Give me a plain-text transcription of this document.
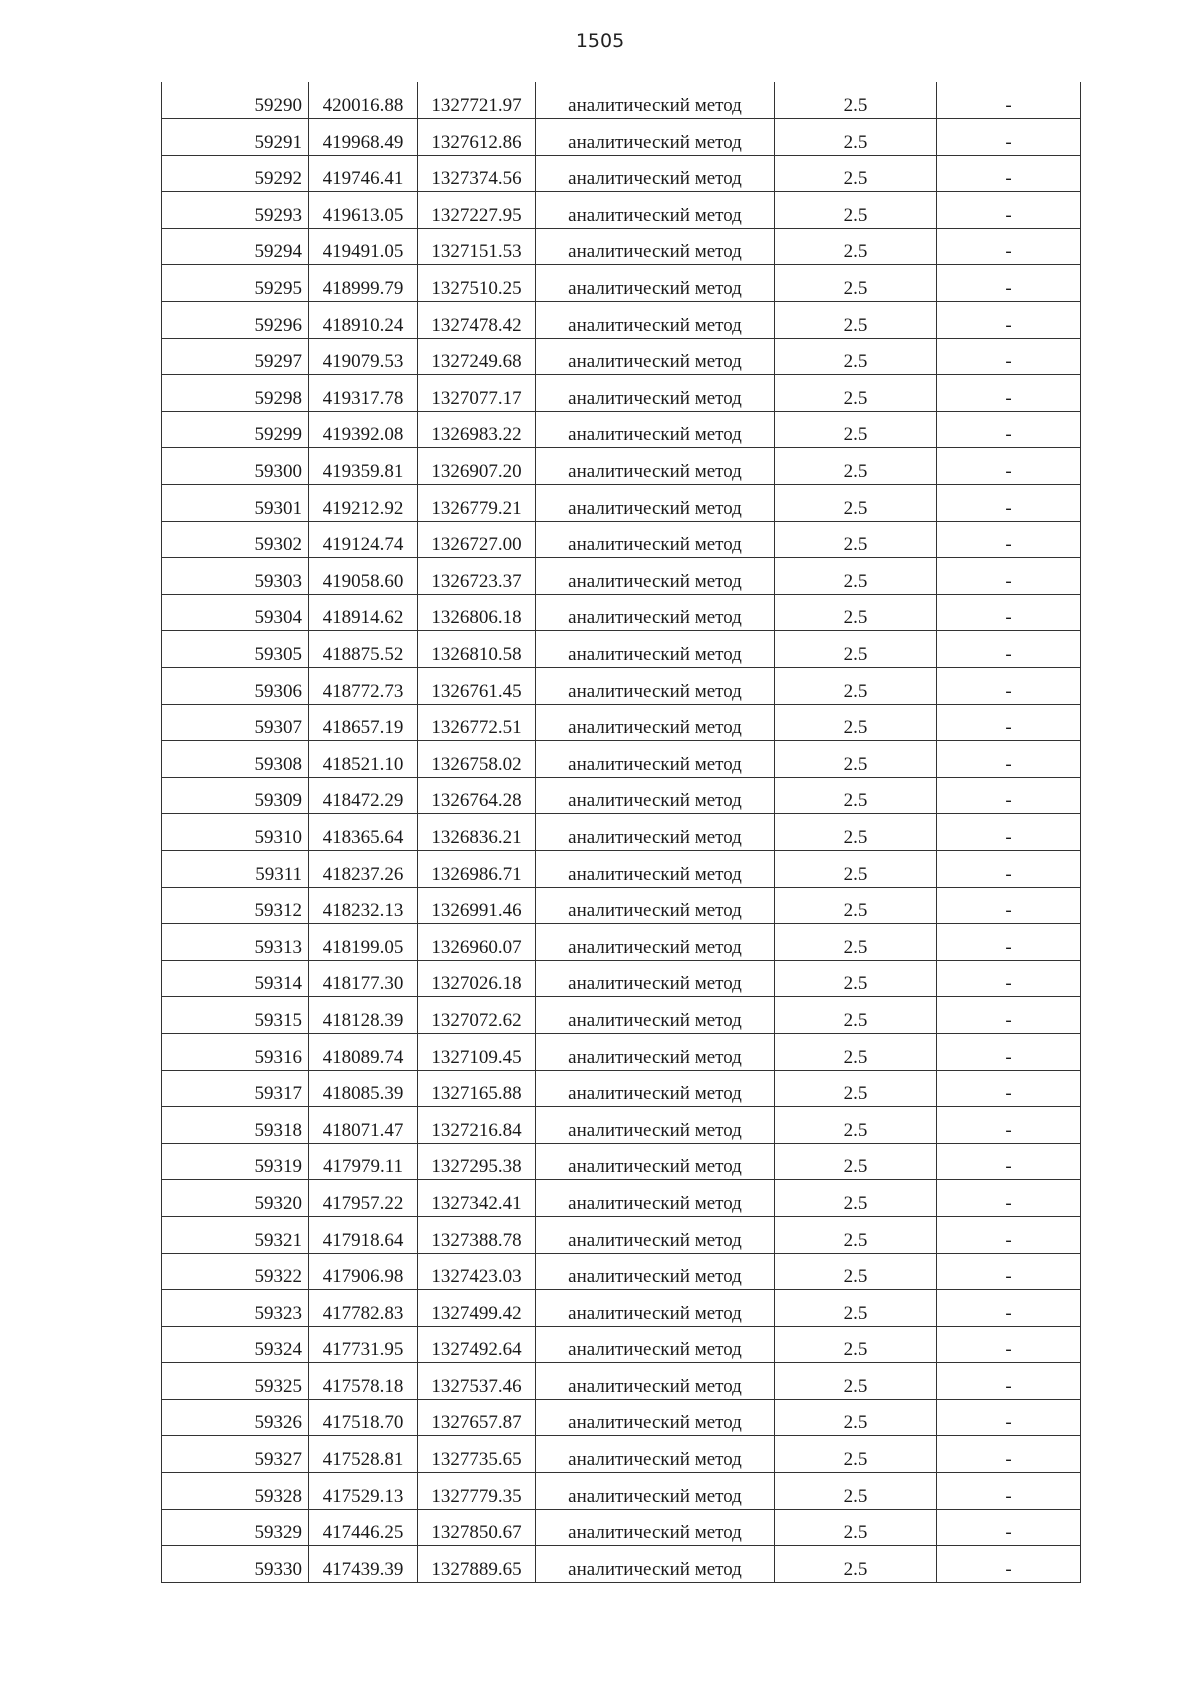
1505
59290	420016.88	1327721.97	аналитический метод	2.5	-
59291	419968.49	1327612.86	аналитический метод	2.5	-
59292	419746.41	1327374.56	аналитический метод	2.5	-
59293	419613.05	1327227.95	аналитический метод	2.5	-
59294	419491.05	1327151.53	аналитический метод	2.5	-
59295	418999.79	1327510.25	аналитический метод	2.5	-
59296	418910.24	1327478.42	аналитический метод	2.5	-
59297	419079.53	1327249.68	аналитический метод	2.5	-
59298	419317.78	1327077.17	аналитический метод	2.5	-
59299	419392.08	1326983.22	аналитический метод	2.5	-
59300	419359.81	1326907.20	аналитический метод	2.5	-
59301	419212.92	1326779.21	аналитический метод	2.5	-
59302	419124.74	1326727.00	аналитический метод	2.5	-
59303	419058.60	1326723.37	аналитический метод	2.5	-
59304	418914.62	1326806.18	аналитический метод	2.5	-
59305	418875.52	1326810.58	аналитический метод	2.5	-
59306	418772.73	1326761.45	аналитический метод	2.5	-
59307	418657.19	1326772.51	аналитический метод	2.5	-
59308	418521.10	1326758.02	аналитический метод	2.5	-
59309	418472.29	1326764.28	аналитический метод	2.5	-
59310	418365.64	1326836.21	аналитический метод	2.5	-
59311	418237.26	1326986.71	аналитический метод	2.5	-
59312	418232.13	1326991.46	аналитический метод	2.5	-
59313	418199.05	1326960.07	аналитический метод	2.5	-
59314	418177.30	1327026.18	аналитический метод	2.5	-
59315	418128.39	1327072.62	аналитический метод	2.5	-
59316	418089.74	1327109.45	аналитический метод	2.5	-
59317	418085.39	1327165.88	аналитический метод	2.5	-
59318	418071.47	1327216.84	аналитический метод	2.5	-
59319	417979.11	1327295.38	аналитический метод	2.5	-
59320	417957.22	1327342.41	аналитический метод	2.5	-
59321	417918.64	1327388.78	аналитический метод	2.5	-
59322	417906.98	1327423.03	аналитический метод	2.5	-
59323	417782.83	1327499.42	аналитический метод	2.5	-
59324	417731.95	1327492.64	аналитический метод	2.5	-
59325	417578.18	1327537.46	аналитический метод	2.5	-
59326	417518.70	1327657.87	аналитический метод	2.5	-
59327	417528.81	1327735.65	аналитический метод	2.5	-
59328	417529.13	1327779.35	аналитический метод	2.5	-
59329	417446.25	1327850.67	аналитический метод	2.5	-
59330	417439.39	1327889.65	аналитический метод	2.5	-
